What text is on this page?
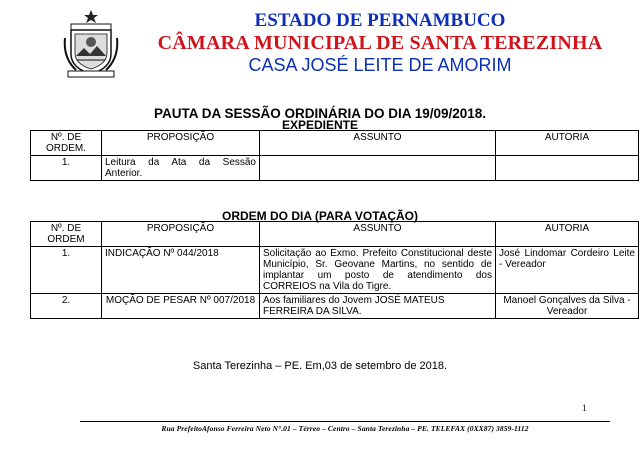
ESTADO DE PERNAMBUCO
CÂMARA MUNICIPAL DE SANTA TEREZINHA
CASA JOSÉ LEITE DE AMORIM
PAUTA DA SESSÃO ORDINÁRIA DO DIA 19/09/2018.
EXPEDIENTE
Nº. DE ORDEM.	PROPOSIÇÃO	ASSUNTO	AUTORIA
1.	Leitura da Ata da Sessão Anterior.		
ORDEM DO DIA (PARA VOTAÇÃO)
Nº. DE ORDEM	PROPOSIÇÃO	ASSUNTO	AUTORIA
1.	INDICAÇÃO Nº 044/2018	Solicitação ao Exmo. Prefeito Constitucional deste Município, Sr. Geovane Martins, no sentido de implantar um posto de atendimento dos CORREIOS na Vila do Tigre.	José Lindomar Cordeiro Leite - Vereador
2.	MOÇÃO DE PESAR Nº 007/2018	Aos familiares do Jovem JOSÉ MATEUS FERREIRA DA SILVA.	Manoel Gonçalves da Silva - Vereador
Santa Terezinha – PE. Em,03 de setembro de 2018.
1
Rua PrefeitoAfonso Ferreira Neto N°.01 – Térreo – Centro – Santa Terezinha – PE. TELEFAX (0XX87) 3859-1112
